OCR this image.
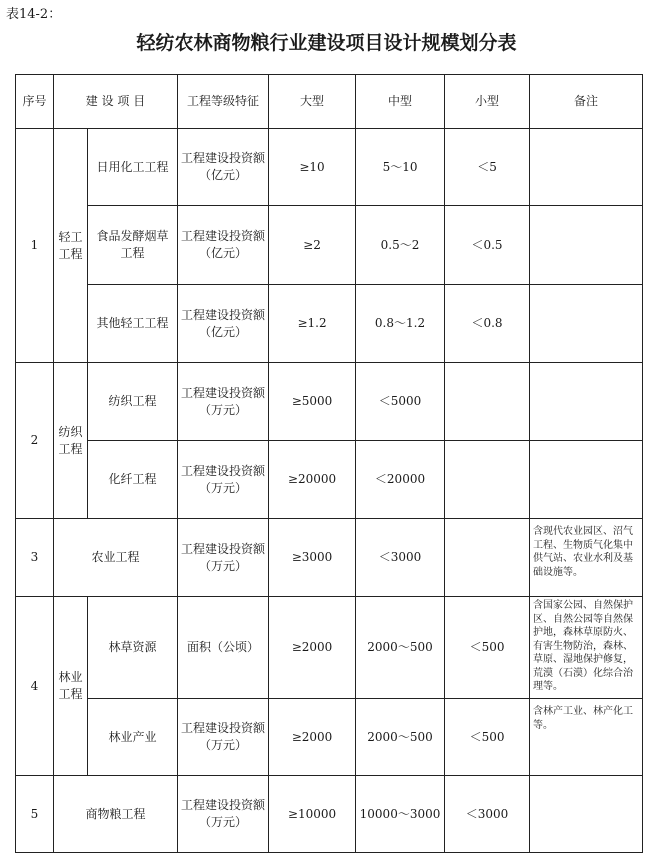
表14-2：
轻纺农林商物粮行业建设项目设计规模划分表
序号	建 设 项 目		工程等级特征	大型	中型	小型	备注
1	轻工工程	日用化工工程	工程建设投资额（亿元）	≥10	5～10	＜5	
		食品发酵烟草工程	工程建设投资额（亿元）	≥2	0.5～2	＜0.5	
		其他轻工工程	工程建设投资额（亿元）	≥1.2	0.8～1.2	＜0.8	
2	纺织工程	纺织工程	工程建设投资额（万元）	≥5000	＜5000		
		化纤工程	工程建设投资额（万元）	≥20000	＜20000		
3	农业工程		工程建设投资额（万元）	≥3000	＜3000		含现代农业园区、沼气工程、生物质气化集中供气站、农业水利及基础设施等。
4	林业工程	林草资源	面积（公顷）	≥2000	2000～500	＜500	含国家公园、自然保护区、自然公园等自然保护地，森林草原防火、有害生物防治，森林、草原、湿地保护修复，荒漠（石漠）化综合治理等。
		林业产业	工程建设投资额（万元）	≥2000	2000～500	＜500	含林产工业、林产化工等。
5	商物粮工程		工程建设投资额（万元）	≥10000	10000～3000	＜3000	
